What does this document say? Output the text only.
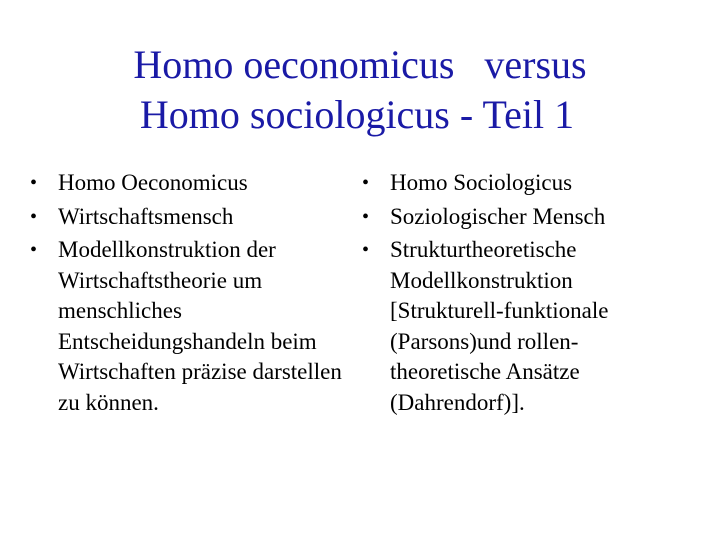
Homo oeconomicus   versus
Homo sociologicus - Teil 1
• Homo Oeconomicus
• Wirtschaftsmensch
• Modellkonstruktion der Wirtschaftstheorie um menschliches Entscheidungshandeln beim Wirtschaften präzise darstellen zu können.
• Homo Sociologicus
• Soziologischer Mensch
• Strukturtheoretische Modellkonstruktion [Strukturell-funktionale (Parsons)und rollen-theoretische Ansätze (Dahrendorf)].
